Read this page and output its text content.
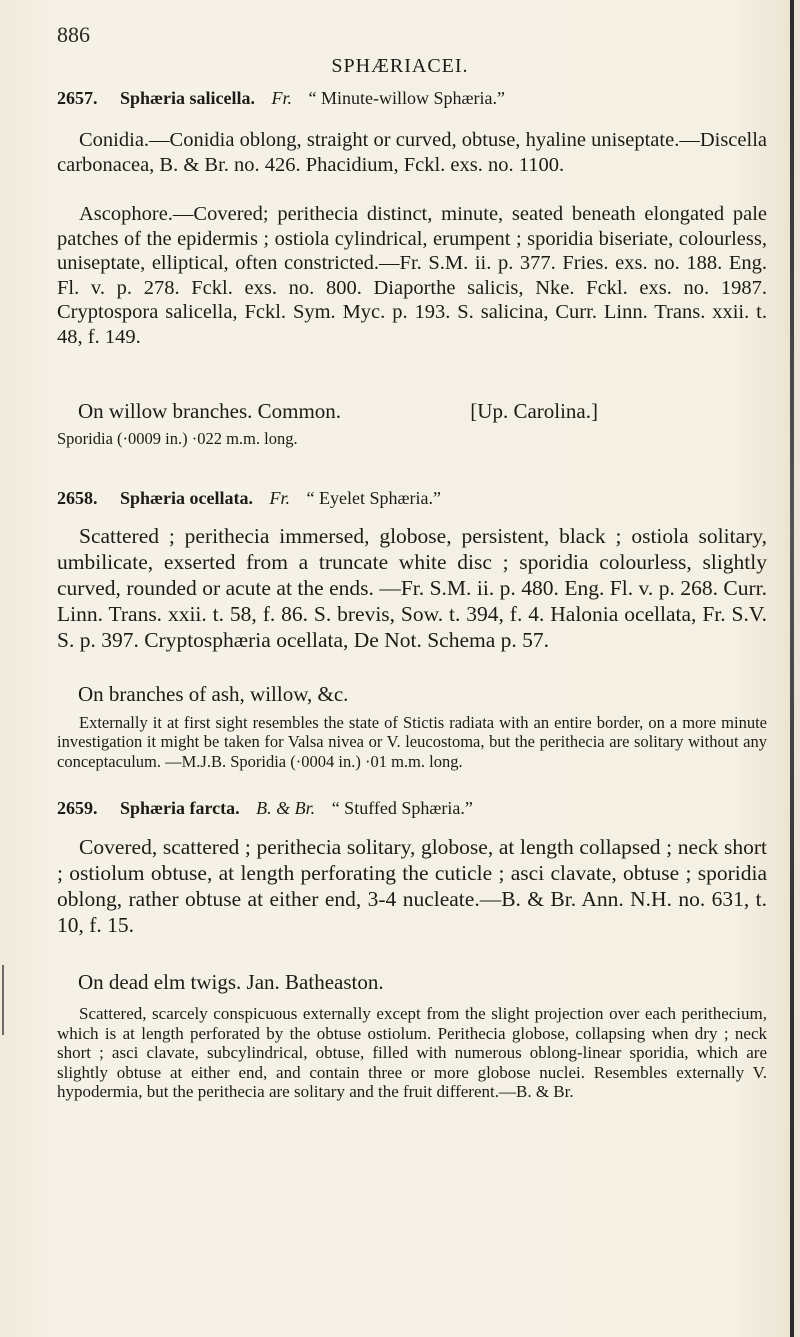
886
SPHÆRIACEI.
2657. Sphæria salicella. Fr. “ Minute-willow Sphæria.”
Conidia.—Conidia oblong, straight or curved, obtuse, hyaline uniseptate.—Discella carbonacea, B. & Br. no. 426. Phacidium, Fckl. exs. no. 1100.
Ascophore.—Covered; perithecia distinct, minute, seated beneath elongated pale patches of the epidermis ; ostiola cylindrical, erumpent ; sporidia biseriate, colourless, uniseptate, elliptical, often constricted.—Fr. S.M. ii. p. 377. Fries. exs. no. 188. Eng. Fl. v. p. 278. Fckl. exs. no. 800. Diaporthe salicis, Nke. Fckl. exs. no. 1987. Cryptospora salicella, Fckl. Sym. Myc. p. 193. S. salicina, Curr. Linn. Trans. xxii. t. 48, f. 149.
On willow branches. Common.	[Up. Carolina.]
Sporidia (·0009 in.) ·022 m.m. long.
2658. Sphæria ocellata. Fr. “ Eyelet Sphæria.”
Scattered ; perithecia immersed, globose, persistent, black ; ostiola solitary, umbilicate, exserted from a truncate white disc ; sporidia colourless, slightly curved, rounded or acute at the ends. —Fr. S.M. ii. p. 480. Eng. Fl. v. p. 268. Curr. Linn. Trans. xxii. t. 58, f. 86. S. brevis, Sow. t. 394, f. 4. Halonia ocellata, Fr. S.V. S. p. 397. Cryptosphæria ocellata, De Not. Schema p. 57.
On branches of ash, willow, &c.
Externally it at first sight resembles the state of Stictis radiata with an entire border, on a more minute investigation it might be taken for Valsa nivea or V. leucostoma, but the perithecia are solitary without any conceptaculum. —M.J.B. Sporidia (·0004 in.) ·01 m.m. long.
2659. Sphæria farcta. B. & Br. “ Stuffed Sphæria.”
Covered, scattered ; perithecia solitary, globose, at length collapsed ; neck short ; ostiolum obtuse, at length perforating the cuticle ; asci clavate, obtuse ; sporidia oblong, rather obtuse at either end, 3-4 nucleate.—B. & Br. Ann. N.H. no. 631, t. 10, f. 15.
On dead elm twigs. Jan. Batheaston.
Scattered, scarcely conspicuous externally except from the slight projection over each perithecium, which is at length perforated by the obtuse ostiolum. Perithecia globose, collapsing when dry ; neck short ; asci clavate, subcylindrical, obtuse, filled with numerous oblong-linear sporidia, which are slightly obtuse at either end, and contain three or more globose nuclei. Resembles externally V. hypodermia, but the perithecia are solitary and the fruit different.—B. & Br.
